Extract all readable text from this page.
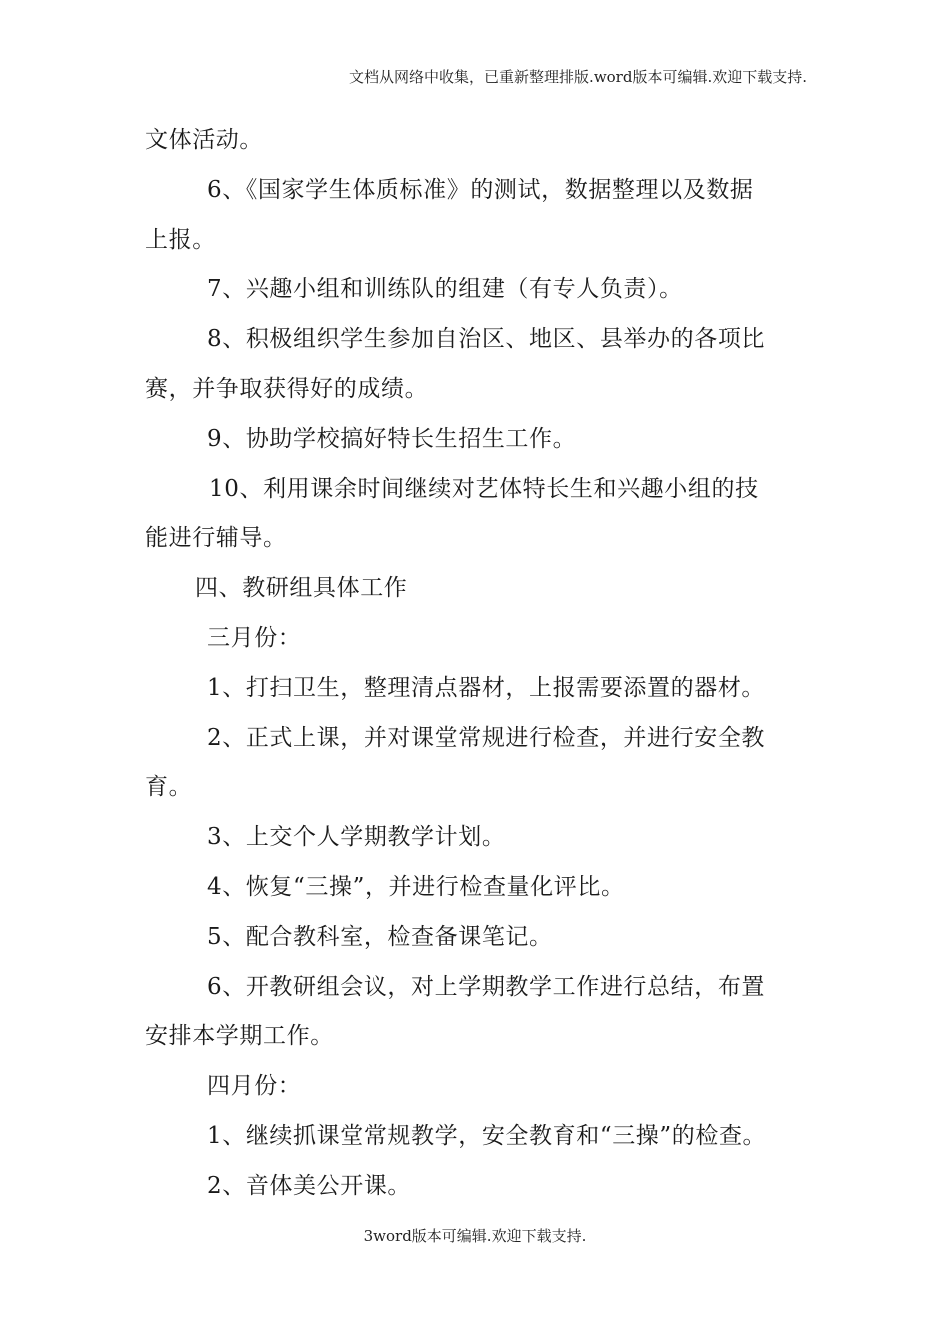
文档从网络中收集，已重新整理排版.word版本可编辑.欢迎下载支持.
文体活动。
6、《国家学生体质标准》的测试，数据整理以及数据
上报。
7、兴趣小组和训练队的组建（有专人负责）。
8、积极组织学生参加自治区、地区、县举办的各项比
赛，并争取获得好的成绩。
9、协助学校搞好特长生招生工作。
10、利用课余时间继续对艺体特长生和兴趣小组的技
能进行辅导。
四、教研组具体工作
三月份：
1、打扫卫生，整理清点器材，上报需要添置的器材。
2、正式上课，并对课堂常规进行检查，并进行安全教
育。
3、上交个人学期教学计划。
4、恢复“三操”，并进行检查量化评比。
5、配合教科室，检查备课笔记。
6、开教研组会议，对上学期教学工作进行总结，布置
安排本学期工作。
四月份：
1、继续抓课堂常规教学，安全教育和“三操”的检查。
2、音体美公开课。
3word版本可编辑.欢迎下载支持.
